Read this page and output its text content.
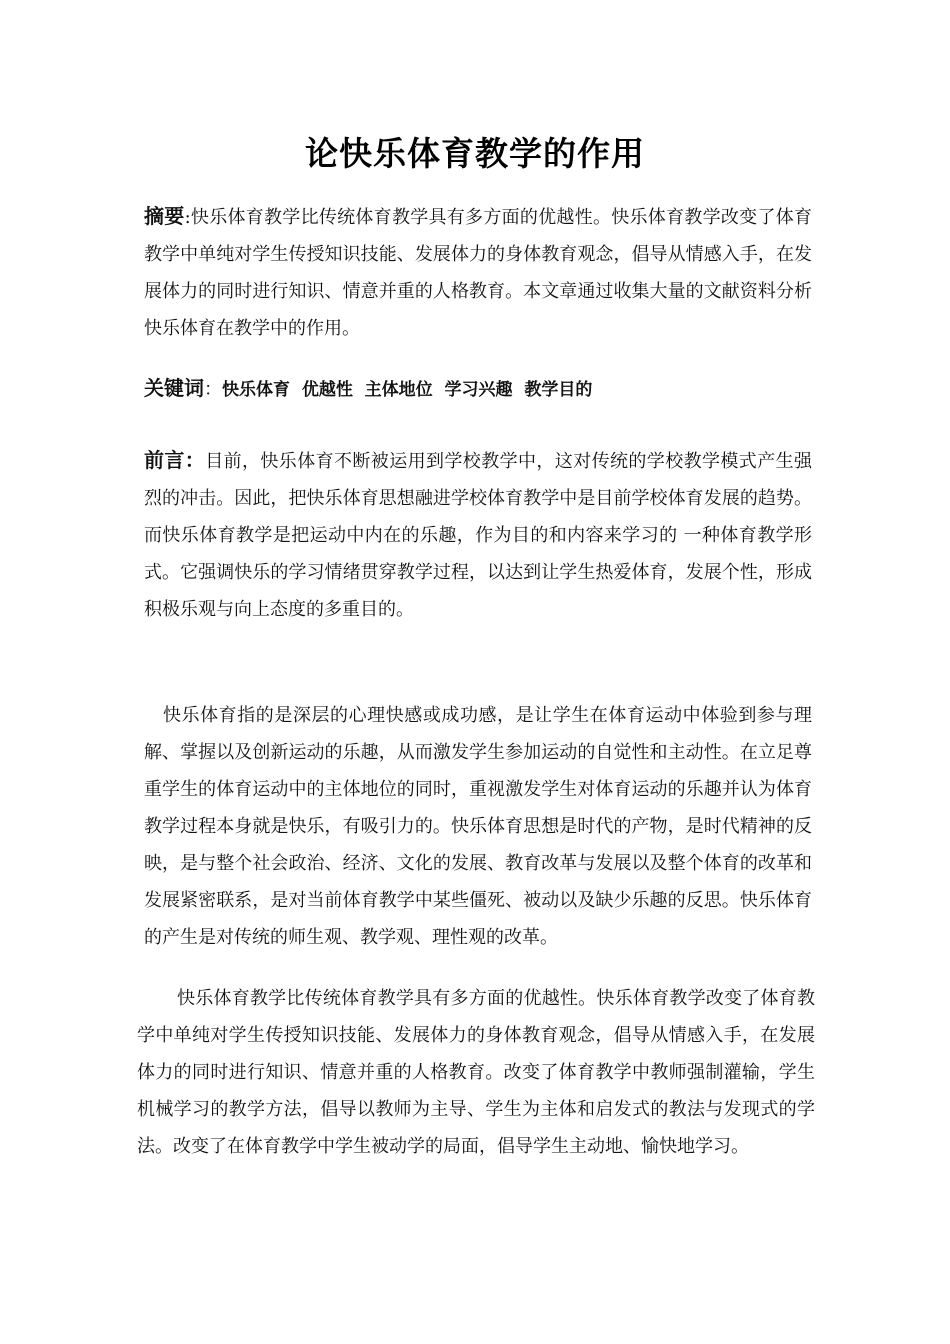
论快乐体育教学的作用
摘要:快乐体育教学比传统体育教学具有多方面的优越性。快乐体育教学改变了体育教学中单纯对学生传授知识技能、发展体力的身体教育观念，倡导从情感入手，在发展体力的同时进行知识、情意并重的人格教育。本文章通过收集大量的文献资料分析快乐体育在教学中的作用。
关键词：快乐体育  优越性  主体地位  学习兴趣  教学目的
前言：目前，快乐体育不断被运用到学校教学中，这对传统的学校教学模式产生强烈的冲击。因此，把快乐体育思想融进学校体育教学中是目前学校体育发展的趋势。而快乐体育教学是把运动中内在的乐趣，作为目的和内容来学习的 一种体育教学形式。它强调快乐的学习情绪贯穿教学过程，以达到让学生热爱体育，发展个性，形成积极乐观与向上态度的多重目的。
快乐体育指的是深层的心理快感或成功感，是让学生在体育运动中体验到参与理解、掌握以及创新运动的乐趣，从而激发学生参加运动的自觉性和主动性。在立足尊重学生的体育运动中的主体地位的同时，重视激发学生对体育运动的乐趣并认为体育教学过程本身就是快乐，有吸引力的。快乐体育思想是时代的产物，是时代精神的反映，是与整个社会政治、经济、文化的发展、教育改革与发展以及整个体育的改革和发展紧密联系，是对当前体育教学中某些僵死、被动以及缺少乐趣的反思。快乐体育的产生是对传统的师生观、教学观、理性观的改革。
快乐体育教学比传统体育教学具有多方面的优越性。快乐体育教学改变了体育教学中单纯对学生传授知识技能、发展体力的身体教育观念，倡导从情感入手，在发展体力的同时进行知识、情意并重的人格教育。改变了体育教学中教师强制灌输，学生机械学习的教学方法，倡导以教师为主导、学生为主体和启发式的教法与发现式的学法。改变了在体育教学中学生被动学的局面，倡导学生主动地、愉快地学习。
